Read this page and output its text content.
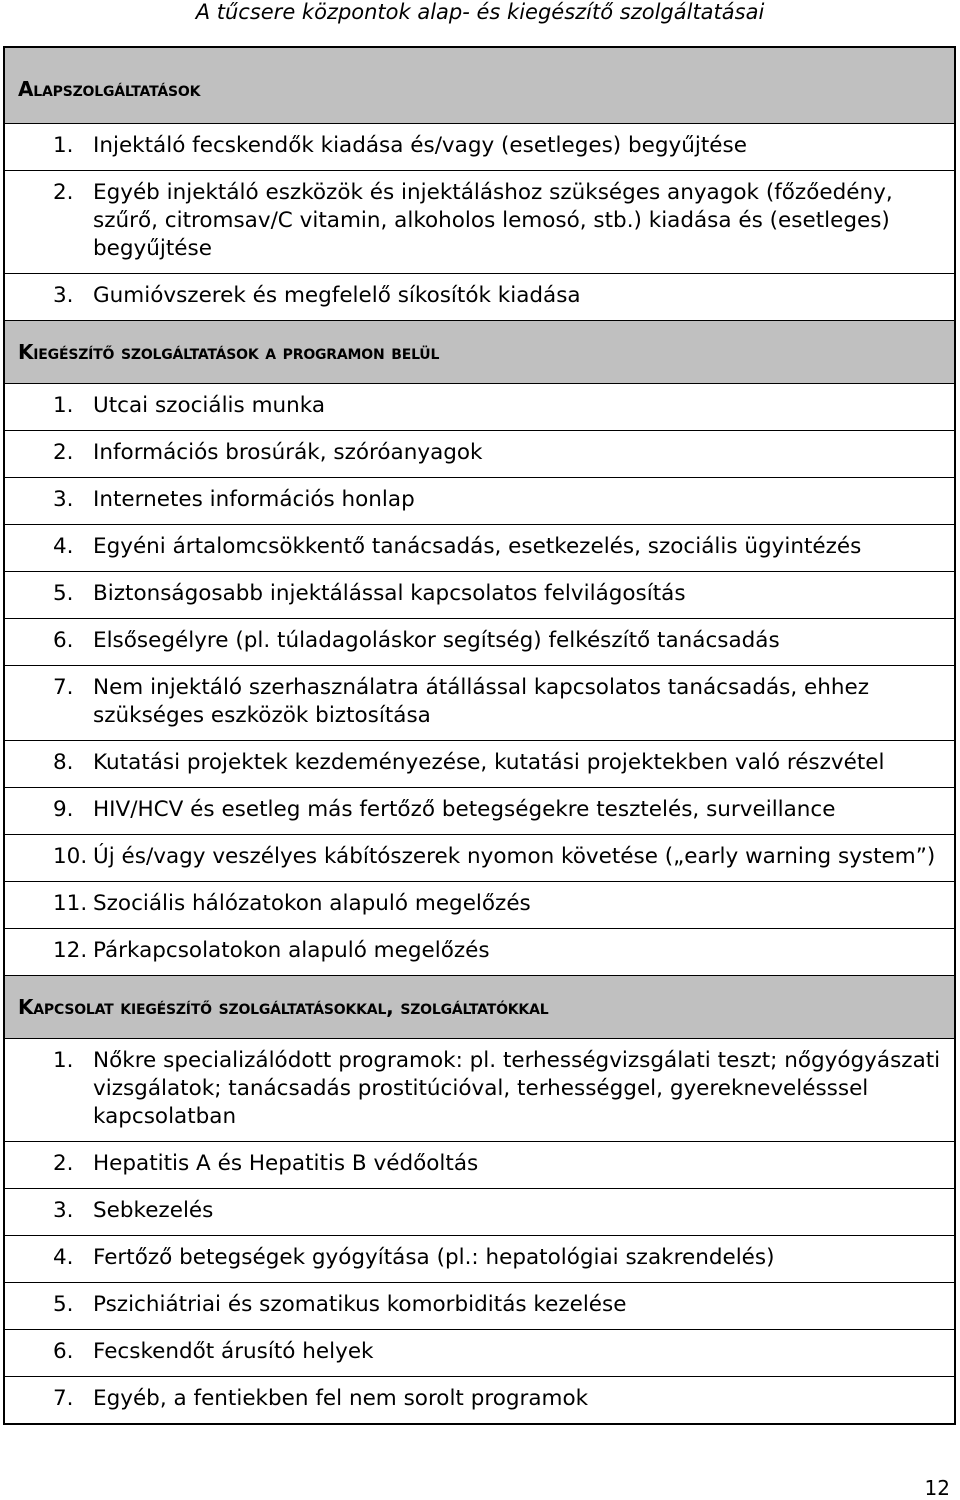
A tűcsere központok alap- és kiegészítő szolgáltatásai
Alapszolgáltatások

1. Injektáló fecskendők kiadása és/vagy (esetleges) begyűjtése

2. Egyéb injektáló eszközök és injektáláshoz szükséges anyagok (főzőedény, szűrő, citromsav/C vitamin, alkoholos lemosó, stb.) kiadása és (esetleges) begyűjtése

3. Gumióvszerek és megfelelő síkosítók kiadása

Kiegészítő szolgáltatások a programon belül

1. Utcai szociális munka

2. Információs brosúrák, szóróanyagok

3. Internetes információs honlap

4. Egyéni ártalomcsökkentő tanácsadás, esetkezelés, szociális ügyintézés

5. Biztonságosabb injektálással kapcsolatos felvilágosítás

6. Elsősegélyre (pl. túladagoláskor segítség) felkészítő tanácsadás

7. Nem injektáló szerhasználatra átállással kapcsolatos tanácsadás, ehhez szükséges eszközök biztosítása

8. Kutatási projektek kezdeményezése, kutatási projektekben való részvétel

9. HIV/HCV és esetleg más fertőző betegségekre tesztelés, surveillance

10. Új és/vagy veszélyes kábítószerek nyomon követése („early warning system”)

11. Szociális hálózatokon alapuló megelőzés

12. Párkapcsolatokon alapuló megelőzés

Kapcsolat kiegészítő szolgáltatásokkal, szolgáltatókkal

1. Nőkre specializálódott programok: pl. terhességvizsgálati teszt; nőgyógyászati vizsgálatok; tanácsadás prostitúcióval, terhességgel, gyereknevelésssel kapcsolatban

2. Hepatitis A és Hepatitis B védőoltás

3. Sebkezelés

4. Fertőző betegségek gyógyítása (pl.: hepatológiai szakrendelés)

5. Pszichiátriai és szomatikus komorbiditás kezelése

6. Fecskendőt árusító helyek

7. Egyéb, a fentiekben fel nem sorolt programok
12
